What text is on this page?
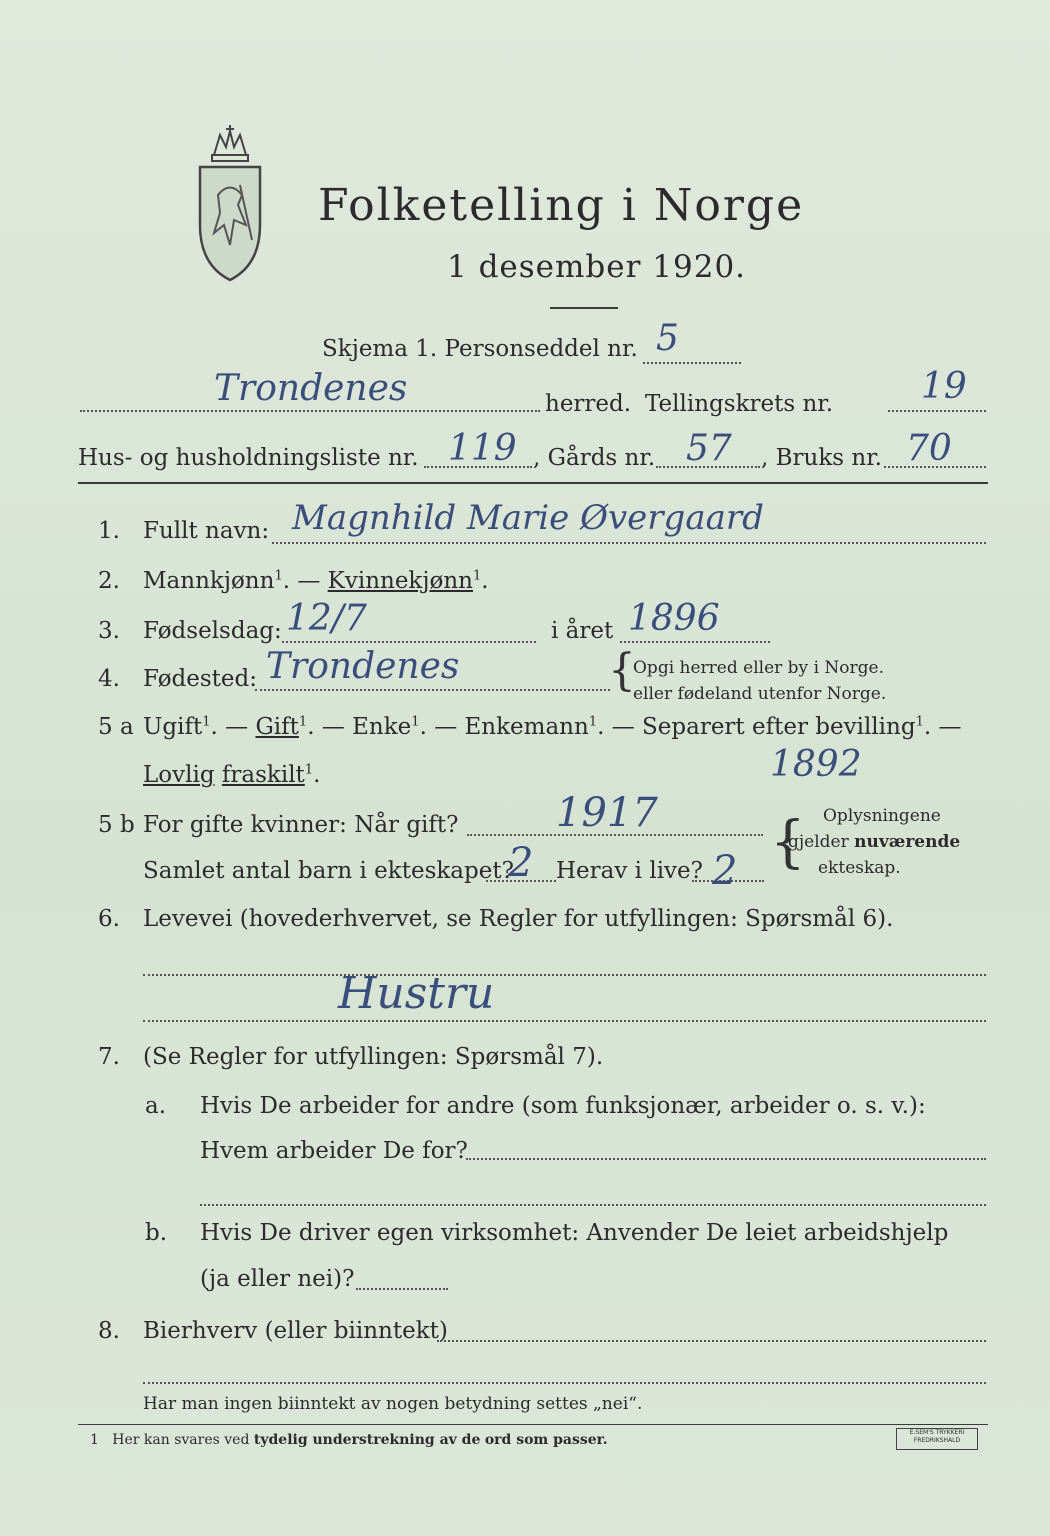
Folketelling i Norge
1 desember 1920.
Skjema 1. Personseddel nr. 5
Trondenes	herred. Tellingskrets nr. 19
Hus- og husholdningsliste nr. 119 , Gårds nr. 57 , Bruks nr. 70
1. Fullt navn: Magnhild Marie Øvergaard
2. Mannkjønn$^1$. — Kvinnekjønn$^1$.
3. Fødselsdag: 12/7	i året 1896
4. Fødested: Trondenes	{
Opgi herred eller by i Norge.
eller fødeland utenfor Norge.
5 a Ugift$^1$. — Gift$^1$. — Enke$^1$. — Enkemann$^1$. — Separert efter bevilling$^1$. —
Lovlig fraskilt$^1$.	1892
5 b For gifte kvinner: Når gift? 1917 { Oplysningene
gjelder nuværende
ekteskap.
Samlet antal barn i ekteskapet?
2 Herav i live? 2
6. Levevei (hovederhvervet, se Regler for utfyllingen: Spørsmål 6).
Hustru
7. (Se Regler for utfyllingen: Spørsmål 7).
a. Hvis De arbeider for andre (som funksjonær, arbeider o. s. v.):
Hvem arbeider De for?
b. Hvis De driver egen virksomhet: Anvender De leiet arbeidshjelp
(ja eller nei)?
8. Bierhverv (eller biinntekt)
Har man ingen biinntekt av nogen betydning settes „nei“.
1 Her kan svares ved tydelig understrekning av de ord som passer.	E.SEM'S TRYKKERI
FREDRIKSHALD
